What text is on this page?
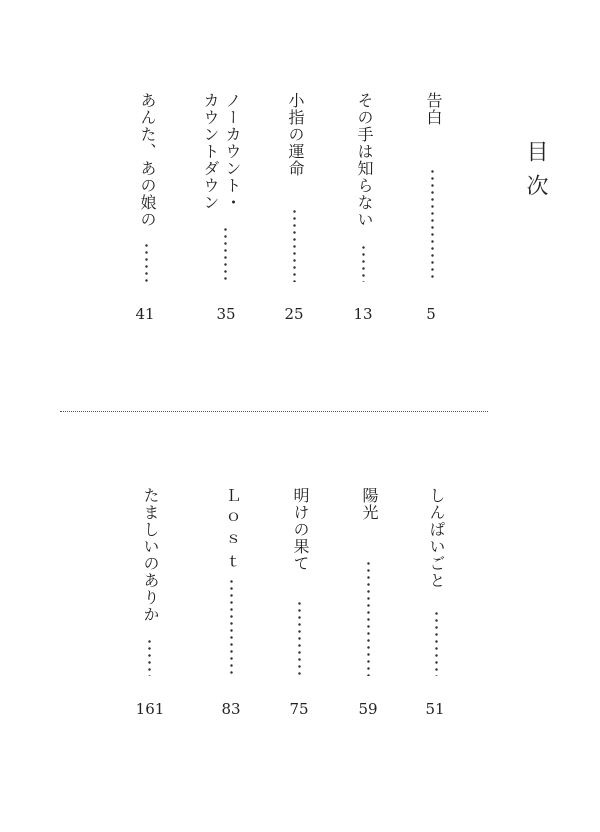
目次
告白
5
その手は知らない
13
小指の運命
25
ノーカウント・
カウントダウン
35
あんた、あの娘の
41
しんぱいごと
51
陽光
59
明けの果て
75
Ｌｏｓｔ
83
たましいのありか
161
